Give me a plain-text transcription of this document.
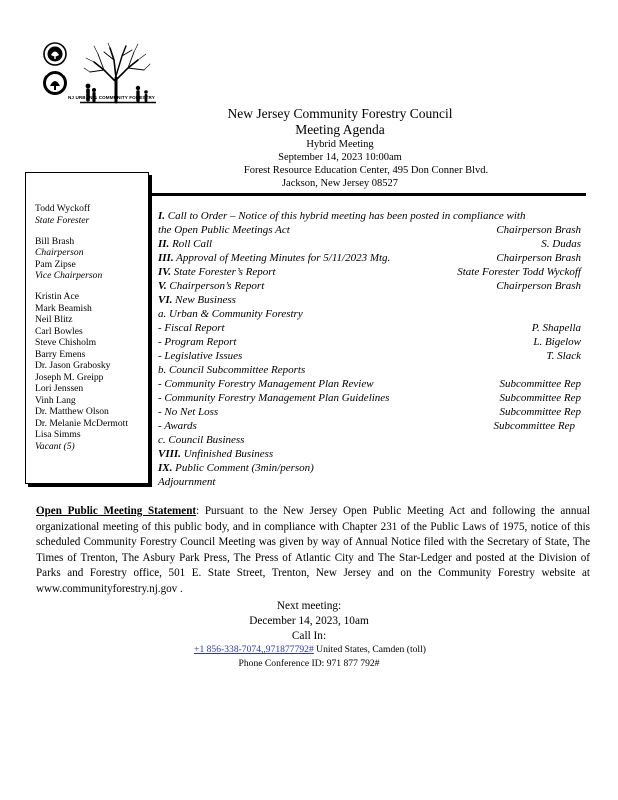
NJ URBAN & COMMUNITY FORESTRY
New Jersey Community Forestry Council
Meeting Agenda
Hybrid Meeting
September 14, 2023 10:00am
Forest Resource Education Center, 495 Don Conner Blvd.
Jackson, New Jersey 08527
Todd Wyckoff
State Forester
Bill Brash
Chairperson
Pam Zipse
Vice Chairperson
Kristin Ace
Mark Beamish
Neil Blitz
Carl Bowles
Steve Chisholm
Barry Emens
Dr. Jason Grabosky
Joseph M. Greipp
Lori Jenssen
Vinh Lang
Dr. Matthew Olson
Dr. Melanie McDermott
Lisa Simms
Vacant (5)
I. Call to Order – Notice of this hybrid meeting has been posted in compliance with
the Open Public Meetings Act	Chairperson Brash
II. Roll Call	S. Dudas
III. Approval of Meeting Minutes for 5/11/2023 Mtg.	Chairperson Brash
IV. State Forester’s Report	State Forester Todd Wyckoff
V. Chairperson’s Report	Chairperson Brash
VI. New Business
a. Urban & Community Forestry
- Fiscal Report	P. Shapella
- Program Report	L. Bigelow
- Legislative Issues	T. Slack
b. Council Subcommittee Reports
- Community Forestry Management Plan Review	Subcommittee Rep
- Community Forestry Management Plan Guidelines	Subcommittee Rep
- No Net Loss	Subcommittee Rep
- Awards	Subcommittee Rep
c. Council Business
VIII. Unfinished Business
IX. Public Comment (3min/person)
Adjournment
Open Public Meeting Statement: Pursuant to the New Jersey Open Public Meeting Act and following the annual organizational meeting of this public body, and in compliance with Chapter 231 of the Public Laws of 1975, notice of this scheduled Community Forestry Council Meeting was given by way of Annual Notice filed with the Secretary of State, The Times of Trenton, The Asbury Park Press, The Press of Atlantic City and The Star-Ledger and posted at the Division of Parks and Forestry office, 501 E. State Street, Trenton, New Jersey and on the Community Forestry website at www.communityforestry.nj.gov .
Next meeting:
December 14, 2023, 10am
Call In:
+1 856-338-7074,,971877792# United States, Camden (toll)
Phone Conference ID: 971 877 792#
